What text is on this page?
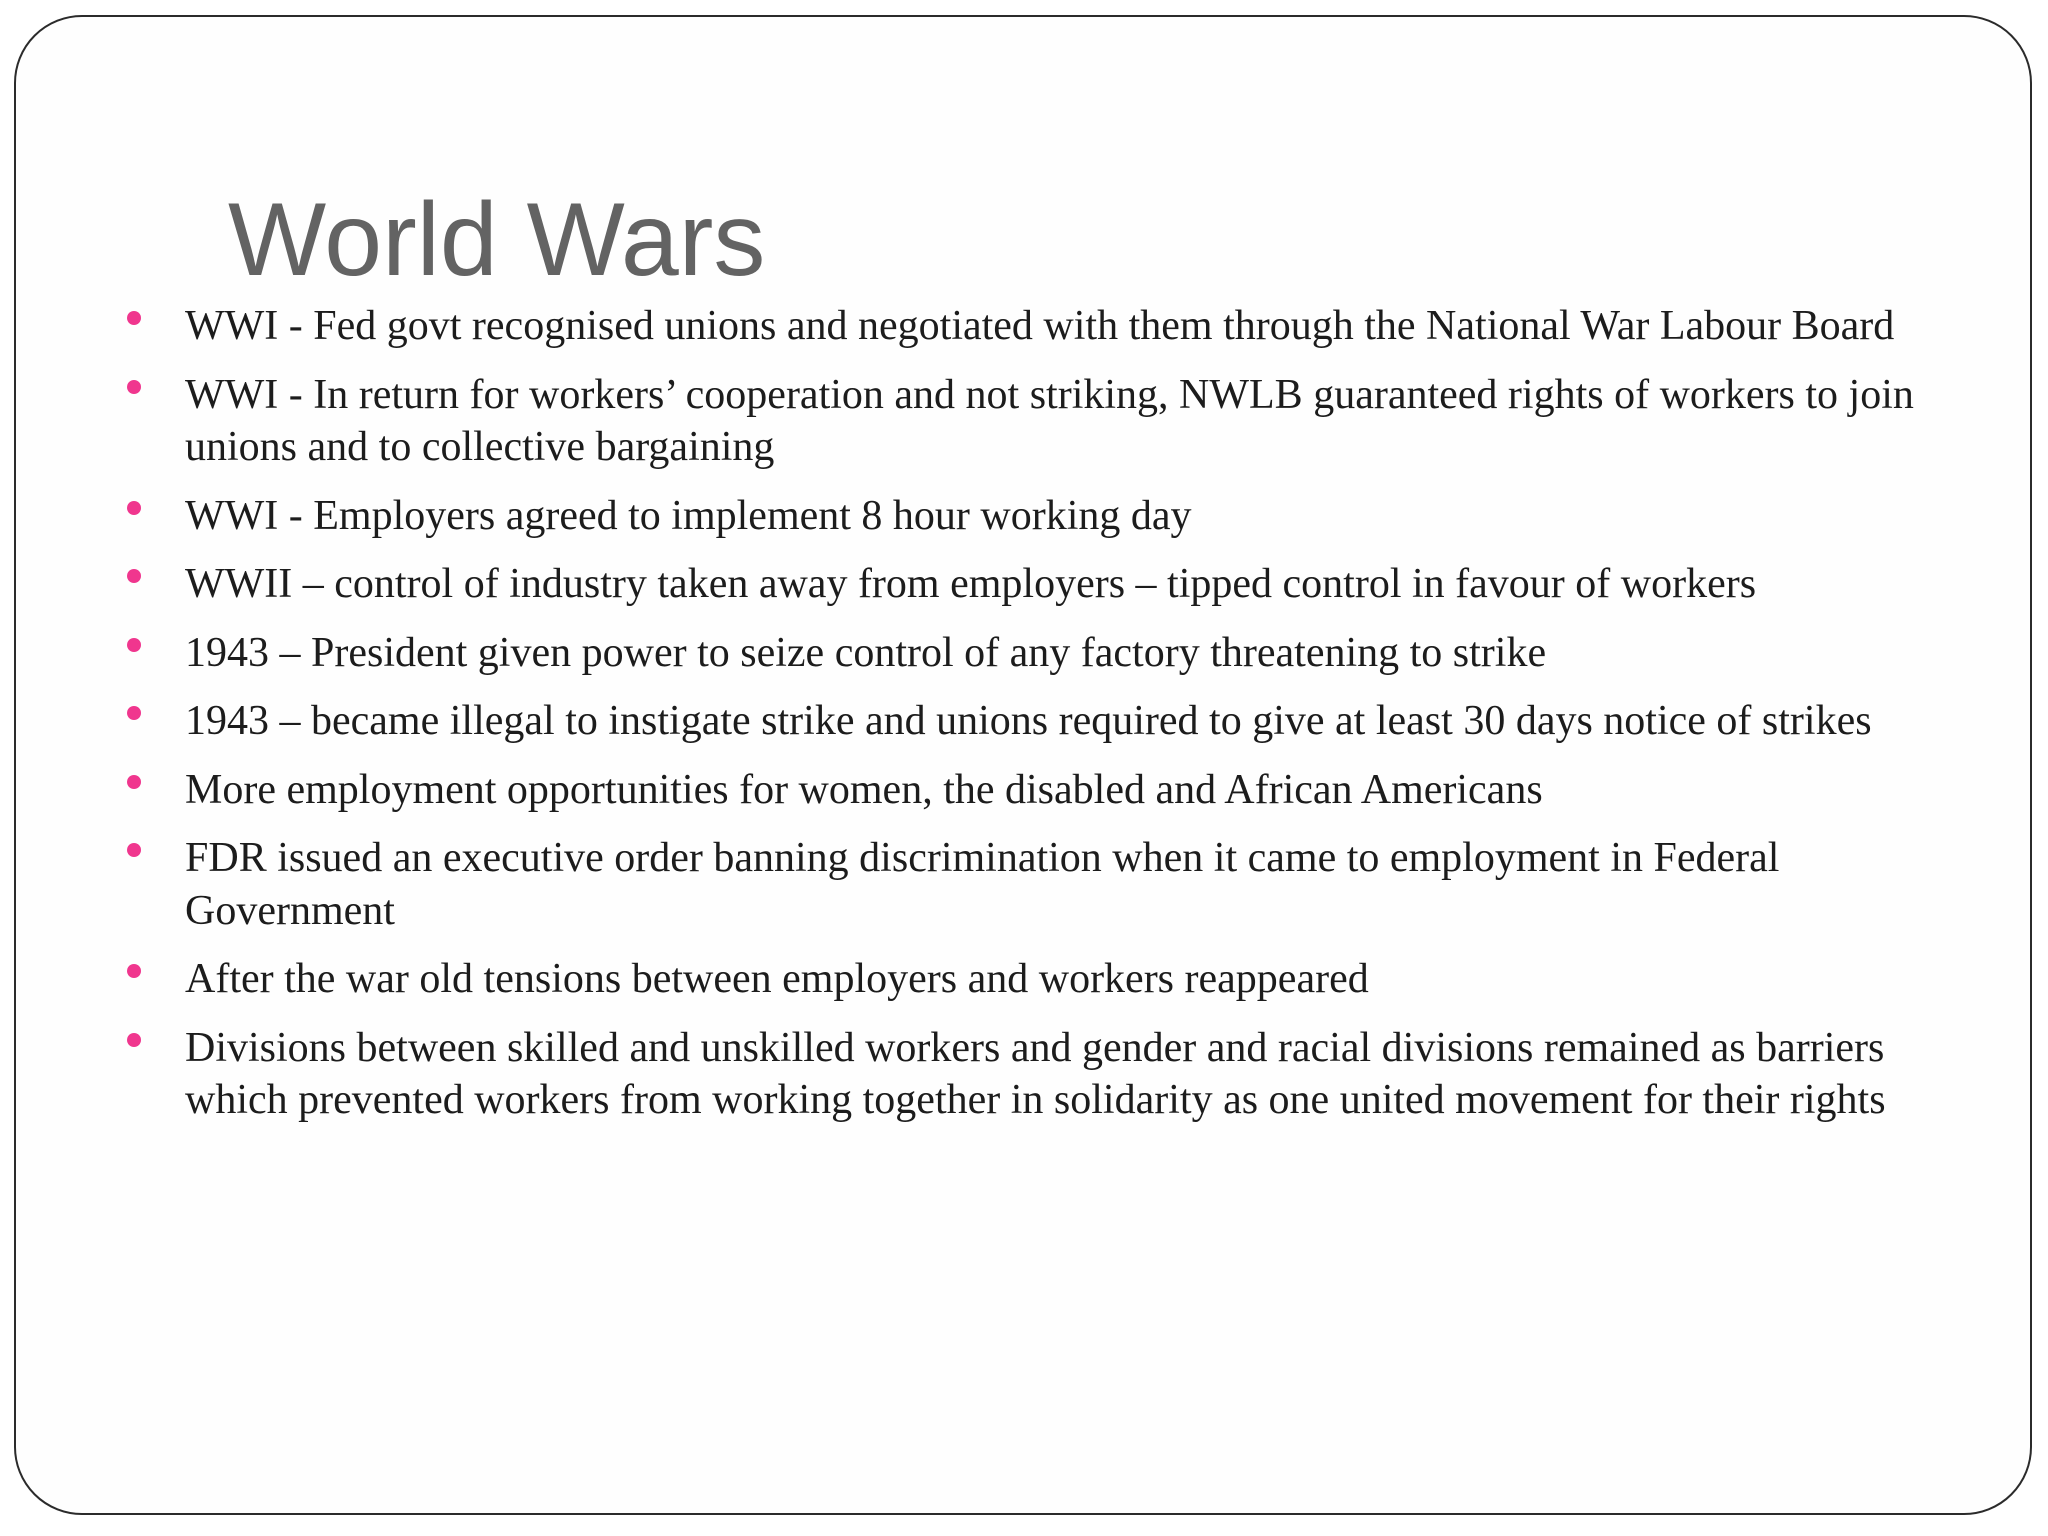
World Wars
WWI - Fed govt recognised unions and negotiated with them through the National War Labour Board
WWI - In return for workers’ cooperation and not striking, NWLB guaranteed rights of workers to join unions and to collective bargaining
WWI - Employers agreed to implement 8 hour working day
WWII – control of industry taken away from employers – tipped control in favour of workers
1943 – President given power to seize control of any factory threatening to strike
1943 – became illegal to instigate strike and unions required to give at least 30 days notice of strikes
More employment opportunities for women, the disabled and African Americans
FDR issued an executive order banning discrimination when it came to employment in Federal Government
After the war old tensions between employers and workers reappeared
Divisions between skilled and unskilled workers and gender and racial divisions remained as barriers which prevented workers from working together in solidarity as one united movement for their rights
